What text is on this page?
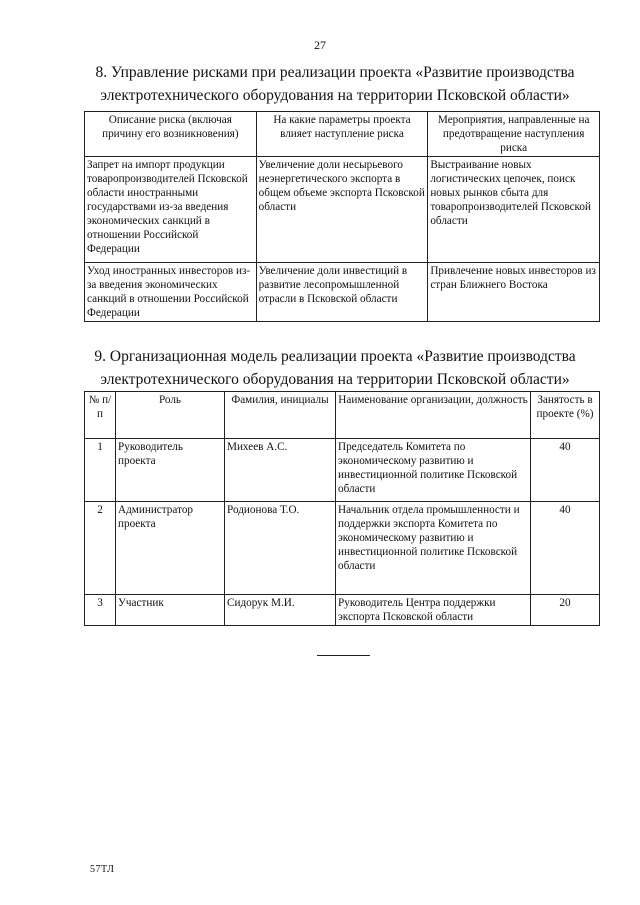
27
8. Управление рисками при реализации проекта «Развитие производства электротехнического оборудования на территории Псковской области»
Описание риска (включая причину его возникновения)	На какие параметры проекта влияет наступление риска	Мероприятия, направленные на предотвращение наступления риска
Запрет на импорт продукции товаропроизводителей Псковской области иностранными государствами из-за введения экономических санкций в отношении Российской Федерации	Увеличение доли несырьевого неэнергетического экспорта в общем объеме экспорта Псковской области	Выстраивание новых логистических цепочек, поиск новых рынков сбыта для товаропроизводителей Псковской области
Уход иностранных инвесторов из-за введения экономических санкций в отношении Российской Федерации	Увеличение доли инвестиций в развитие лесопромышленной отрасли в Псковской области	Привлечение новых инвесторов из стран Ближнего Востока
9. Организационная модель реализации проекта «Развитие производства электротехнического оборудования на территории Псковской области»
№ п/п	Роль	Фамилия, инициалы	Наименование организации, должность	Занятость в проекте (%)
1	Руководитель проекта	Михеев А.С.	Председатель Комитета по экономическому развитию и инвестиционной политике Псковской области	40
2	Администратор проекта	Родионова Т.О.	Начальник отдела промышленности и поддержки экспорта Комитета по экономическому развитию и инвестиционной политике Псковской области	40
3	Участник	Сидорук М.И.	Руководитель Центра поддержки экспорта Псковской области	20
57ТЛ
